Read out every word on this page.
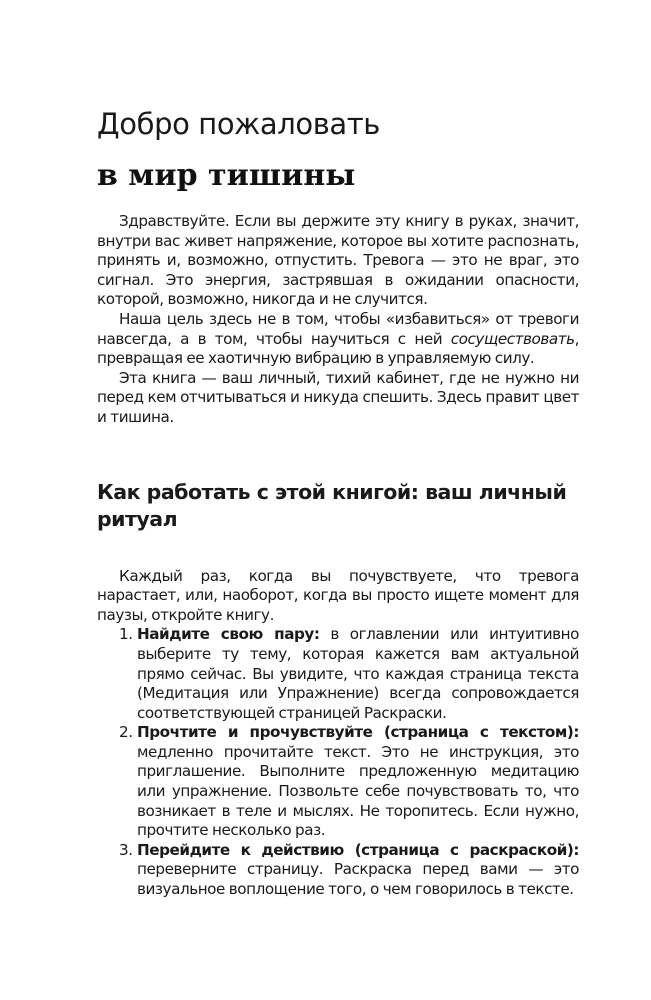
Добро пожаловать
в мир тишины

Здравствуйте. Если вы держите эту книгу в руках, значит, внутри вас живет напряжение, которое вы хотите распознать, принять и, возможно, отпустить. Тревога — это не враг, это сигнал. Это энергия, застрявшая в ожидании опасности, которой, возможно, никогда и не случится.

Наша цель здесь не в том, чтобы «избавиться» от тревоги навсегда, а в том, чтобы научиться с ней сосуществовать, превращая ее хаотичную вибрацию в управляемую силу.

Эта книга — ваш личный, тихий кабинет, где не нужно ни перед кем отчитываться и никуда спешить. Здесь правит цвет и тишина.

Как работать с этой книгой: ваш личный ритуал

Каждый раз, когда вы почувствуете, что тревога нарастает, или, наоборот, когда вы просто ищете момент для паузы, откройте книгу.

1. Найдите свою пару: в оглавлении или интуитивно выберите ту тему, которая кажется вам актуальной прямо сейчас. Вы увидите, что каждая страница текста (Медитация или Упражнение) всегда сопровождается соответствующей страницей Раскраски.
2. Прочтите и прочувствуйте (страница с текстом): медленно прочитайте текст. Это не инструкция, это приглашение. Выполните предложенную медитацию или упражнение. Позвольте себе почувствовать то, что возникает в теле и мыслях. Не торопитесь. Если нужно, прочтите несколько раз.
3. Перейдите к действию (страница с раскраской): переверните страницу. Раскраска перед вами — это визуальное воплощение того, о чем говорилось в тексте.
